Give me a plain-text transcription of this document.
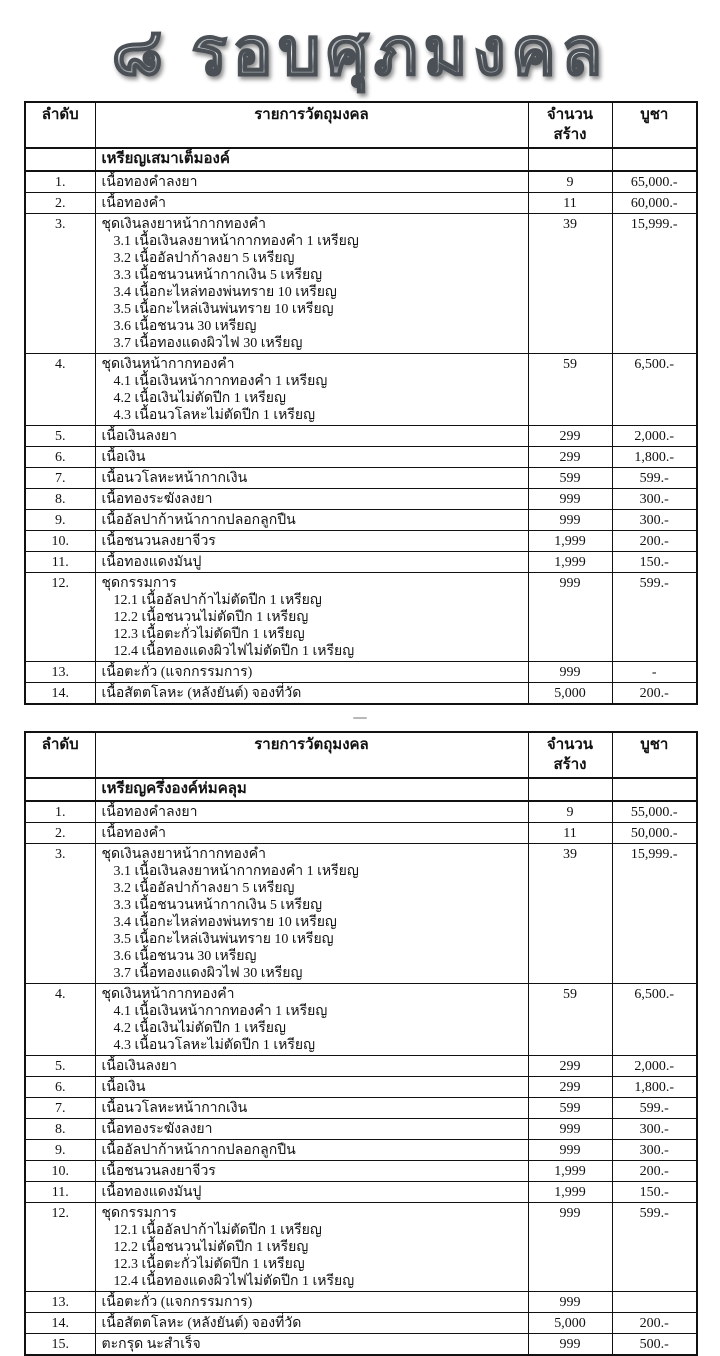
๘ รอบศุภมงคล
ลำดับ	รายการวัตถุมงคล	จำนวนสร้าง	บูชา
	เหรียญเสมาเต็มองค์		
1.	เนื้อทองคำลงยา	9	65,000.-
2.	เนื้อทองคำ	11	60,000.-
3.	ชุดเงินลงยาหน้ากากทองคำ
3.1 เนื้อเงินลงยาหน้ากากทองคำ 1 เหรียญ
3.2 เนื้ออัลปาก้าลงยา 5 เหรียญ
3.3 เนื้อชนวนหน้ากากเงิน 5 เหรียญ
3.4 เนื้อกะไหล่ทองพ่นทราย 10 เหรียญ
3.5 เนื้อกะไหล่เงินพ่นทราย 10 เหรียญ
3.6 เนื้อชนวน 30 เหรียญ
3.7 เนื้อทองแดงผิวไฟ 30 เหรียญ
	39	15,999.-
4.	ชุดเงินหน้ากากทองคำ
4.1 เนื้อเงินหน้ากากทองคำ 1 เหรียญ
4.2 เนื้อเงินไม่ตัดปีก 1 เหรียญ
4.3 เนื้อนวโลหะไม่ตัดปีก 1 เหรียญ	59	6,500.-
5.	เนื้อเงินลงยา	299	2,000.-
6.	เนื้อเงิน	299	1,800.-
7.	เนื้อนวโลหะหน้ากากเงิน	599	599.-
8.	เนื้อทองระฆังลงยา	999	300.-
9.	เนื้ออัลปาก้าหน้ากากปลอกลูกปืน	999	300.-
10.	เนื้อชนวนลงยาจีวร	1,999	200.-
11.	เนื้อทองแดงมันปู	1,999	150.-
12.	ชุดกรรมการ
12.1 เนื้ออัลปาก้าไม่ตัดปีก 1 เหรียญ
12.2 เนื้อชนวนไม่ตัดปีก 1 เหรียญ
12.3 เนื้อตะกั่วไม่ตัดปีก 1 เหรียญ
12.4 เนื้อทองแดงผิวไฟไม่ตัดปีก 1 เหรียญ	999	599.-
13.	เนื้อตะกั่ว (แจกกรรมการ)	999	-
14.	เนื้อสัตตโลหะ (หลังยันต์) จองที่วัด	5,000	200.-
ลำดับ	รายการวัตถุมงคล	จำนวนสร้าง	บูชา
	เหรียญครึ่งองค์ห่มคลุม		
1.	เนื้อทองคำลงยา	9	55,000.-
2.	เนื้อทองคำ	11	50,000.-
3.	ชุดเงินลงยาหน้ากากทองคำ
3.1 เนื้อเงินลงยาหน้ากากทองคำ 1 เหรียญ
3.2 เนื้ออัลปาก้าลงยา 5 เหรียญ
3.3 เนื้อชนวนหน้ากากเงิน 5 เหรียญ
3.4 เนื้อกะไหล่ทองพ่นทราย 10 เหรียญ
3.5 เนื้อกะไหล่เงินพ่นทราย 10 เหรียญ
3.6 เนื้อชนวน 30 เหรียญ
3.7 เนื้อทองแดงผิวไฟ 30 เหรียญ
	39	15,999.-
4.	ชุดเงินหน้ากากทองคำ
4.1 เนื้อเงินหน้ากากทองคำ 1 เหรียญ
4.2 เนื้อเงินไม่ตัดปีก 1 เหรียญ
4.3 เนื้อนวโลหะไม่ตัดปีก 1 เหรียญ	59	6,500.-
5.	เนื้อเงินลงยา	299	2,000.-
6.	เนื้อเงิน	299	1,800.-
7.	เนื้อนวโลหะหน้ากากเงิน	599	599.-
8.	เนื้อทองระฆังลงยา	999	300.-
9.	เนื้ออัลปาก้าหน้ากากปลอกลูกปืน	999	300.-
10.	เนื้อชนวนลงยาจีวร	1,999	200.-
11.	เนื้อทองแดงมันปู	1,999	150.-
12.	ชุดกรรมการ
12.1 เนื้ออัลปาก้าไม่ตัดปีก 1 เหรียญ
12.2 เนื้อชนวนไม่ตัดปีก 1 เหรียญ
12.3 เนื้อตะกั่วไม่ตัดปีก 1 เหรียญ
12.4 เนื้อทองแดงผิวไฟไม่ตัดปีก 1 เหรียญ	999	599.-
13.	เนื้อตะกั่ว (แจกกรรมการ)	999	
14.	เนื้อสัตตโลหะ (หลังยันต์) จองที่วัด	5,000	200.-
15.	ตะกรุด นะสำเร็จ	999	500.-
